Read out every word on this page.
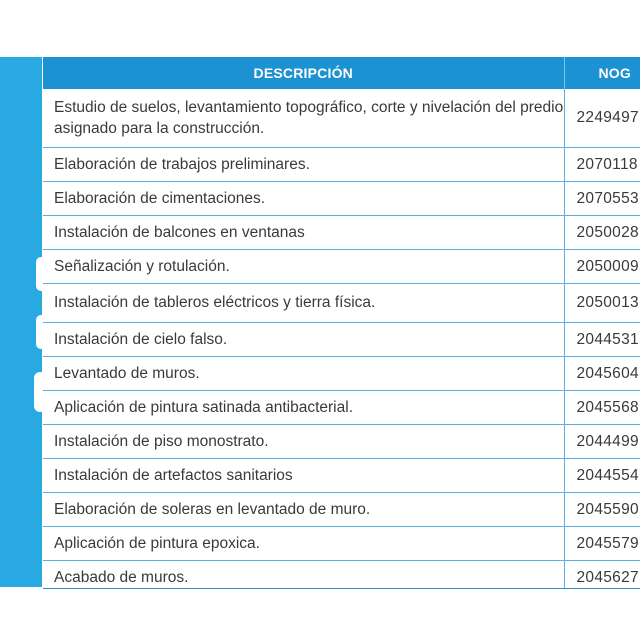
DESCRIPCIÓN	NOG
Estudio de suelos, levantamiento topográfico, corte y nivelación del predio asignado para la construcción.	2249497
Elaboración de trabajos preliminares.	2070118
Elaboración de cimentaciones.	2070553
Instalación de balcones en ventanas	2050028
Señalización y rotulación.	2050009
Instalación de tableros eléctricos y tierra física.	2050013
Instalación de cielo falso.	2044531
Levantado de muros.	2045604
Aplicación de pintura satinada antibacterial.	2045568
Instalación de piso monostrato.	2044499
Instalación de artefactos sanitarios	2044554
Elaboración de soleras en levantado de muro.	2045590
Aplicación de pintura epoxica.	2045579
Acabado de muros.	2045627
